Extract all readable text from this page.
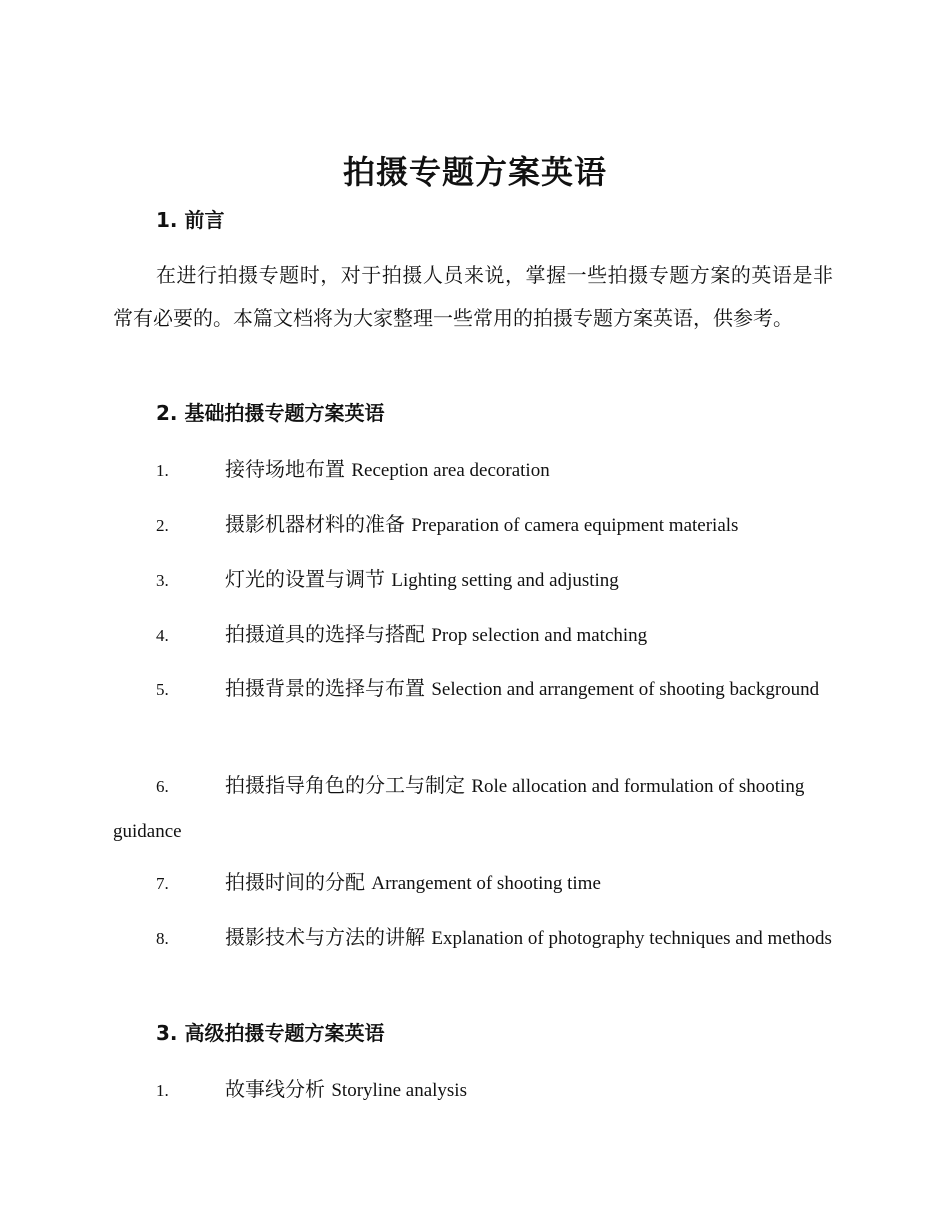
拍摄专题方案英语
1. 前言

在进行拍摄专题时，对于拍摄人员来说，掌握一些拍摄专题方案的英语是非常有必要的。本篇文档将为大家整理一些常用的拍摄专题方案英语，供参考。

2. 基础拍摄专题方案英语

1.	接待场地布置 Reception area decoration

2.	摄影机器材料的准备 Preparation of camera equipment materials

3.	灯光的设置与调节 Lighting setting and adjusting

4.	拍摄道具的选择与搭配 Prop selection and matching

5.	拍摄背景的选择与布置 Selection and arrangement of shooting background

6.	拍摄指导角色的分工与制定 Role allocation and formulation of shooting guidance

7.	拍摄时间的分配 Arrangement of shooting time

8.	摄影技术与方法的讲解 Explanation of photography techniques and methods

3. 高级拍摄专题方案英语

1.	故事线分析 Storyline analysis
